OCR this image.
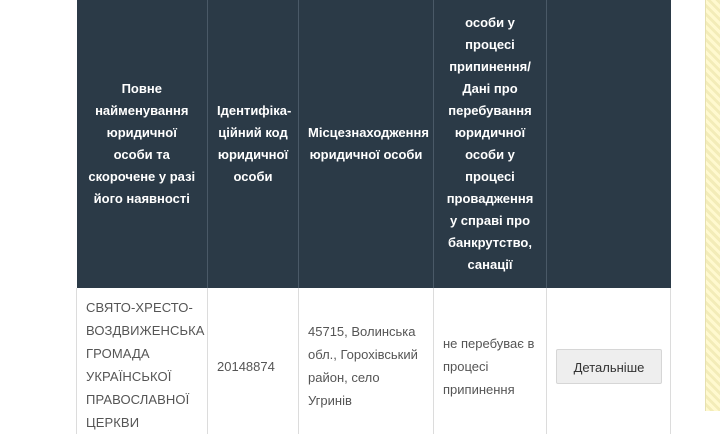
Повне найменування юридичної особи та скорочене у разі його наявності	Ідентифіка-ційний код юридичної особи	Місцезнаходження юридичної особи	особи у процесі припинення/ Дані про перебування юридичної особи у процесі провадження у справі про банкрутство, санації	
СВЯТО-ХРЕСТО-ВОЗДВИЖЕНСЬКА ГРОМАДА УКРАЇНСЬКОЇ ПРАВОСЛАВНОЇ ЦЕРКВИ	20148874	45715, Волинська обл., Горохівський район, село Угринів	не перебуває в процесі припинення	Детальніше
